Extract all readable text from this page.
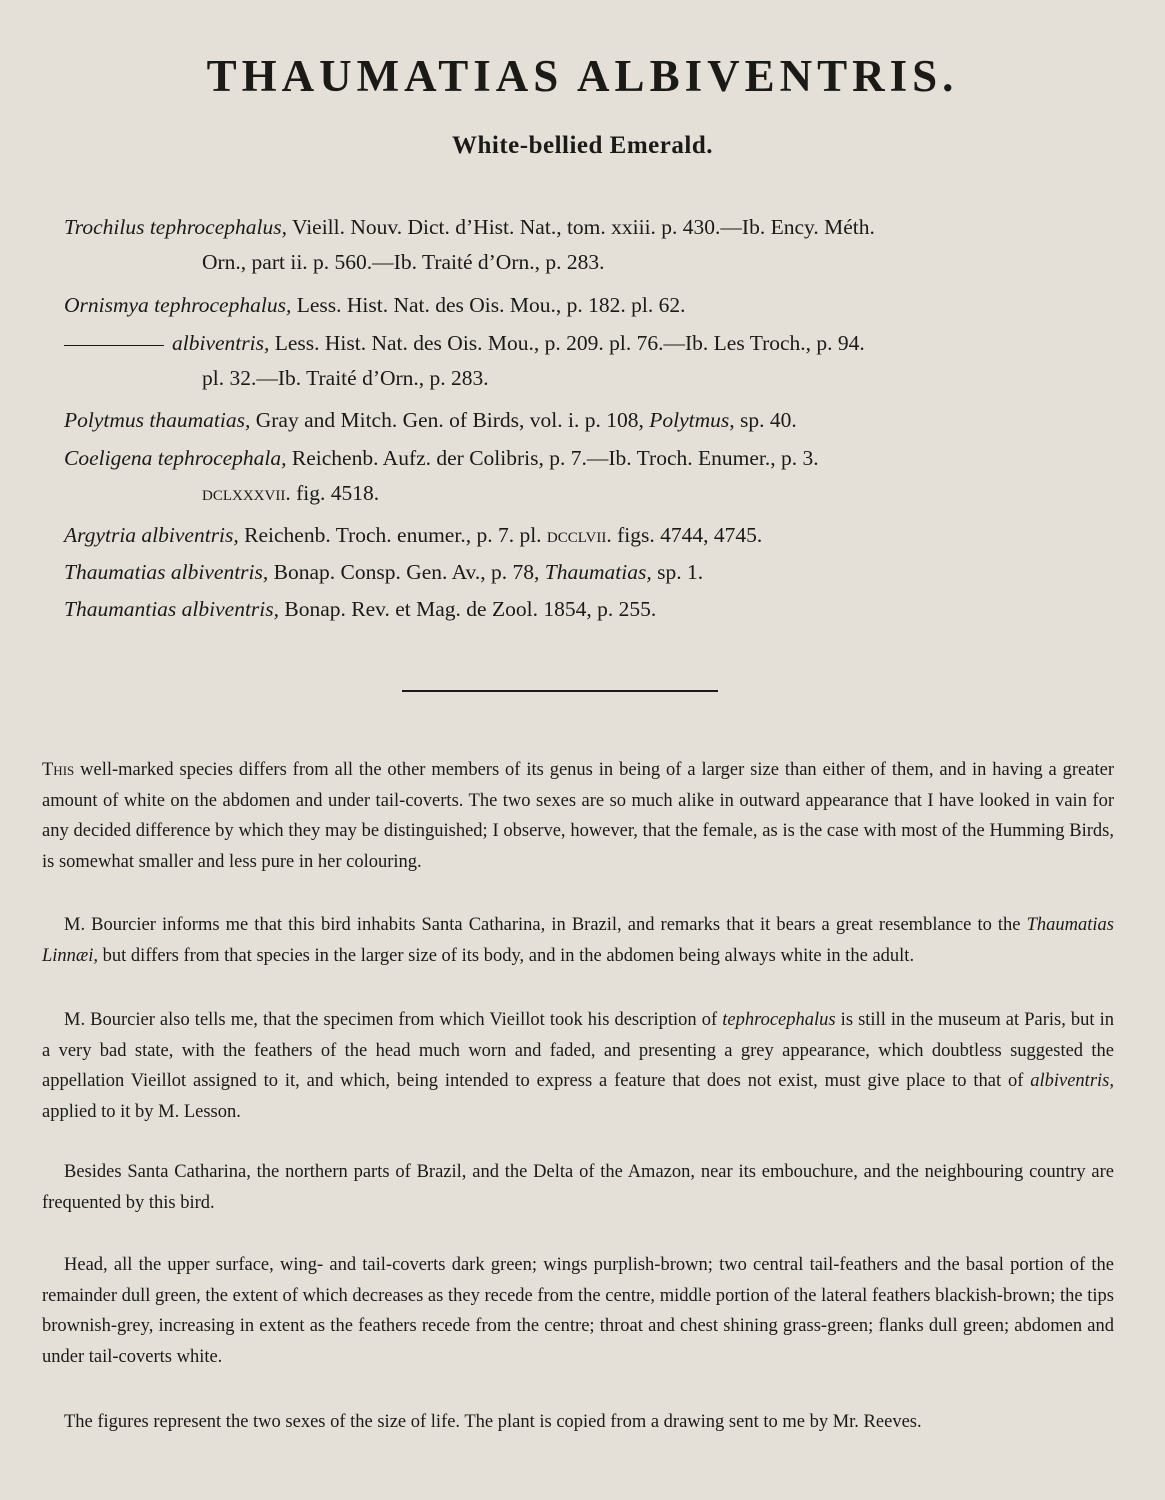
THAUMATIAS ALBIVENTRIS.
White-bellied Emerald.
Trochilus tephrocephalus, Vieill. Nouv. Dict. d’Hist. Nat., tom. xxiii. p. 430.—Ib. Ency. Méth.
Orn., part ii. p. 560.—Ib. Traité d’Orn., p. 283.
Ornismya tephrocephalus, Less. Hist. Nat. des Ois. Mou., p. 182. pl. 62.
albiventris, Less. Hist. Nat. des Ois. Mou., p. 209. pl. 76.—Ib. Les Troch., p. 94.
pl. 32.—Ib. Traité d’Orn., p. 283.
Polytmus thaumatias, Gray and Mitch. Gen. of Birds, vol. i. p. 108, Polytmus, sp. 40.
Coeligena tephrocephala, Reichenb. Aufz. der Colibris, p. 7.—Ib. Troch. Enumer., p. 3.
dclxxxvii. fig. 4518.
Argytria albiventris, Reichenb. Troch. enumer., p. 7. pl. dcclvii. figs. 4744, 4745.
Thaumatias albiventris, Bonap. Consp. Gen. Av., p. 78, Thaumatias, sp. 1.
Thaumantias albiventris, Bonap. Rev. et Mag. de Zool. 1854, p. 255.

This well-marked species differs from all the other members of its genus in being of a larger size than either of them, and in having a greater amount of white on the abdomen and under tail-coverts. The two sexes are so much alike in outward appearance that I have looked in vain for any decided difference by which they may be distinguished; I observe, however, that the female, as is the case with most of the Humming Birds, is somewhat smaller and less pure in her colouring.

M. Bourcier informs me that this bird inhabits Santa Catharina, in Brazil, and remarks that it bears a great resemblance to the Thaumatias Linnæi, but differs from that species in the larger size of its body, and in the abdomen being always white in the adult.

M. Bourcier also tells me, that the specimen from which Vieillot took his description of tephrocephalus is still in the museum at Paris, but in a very bad state, with the feathers of the head much worn and faded, and presenting a grey appearance, which doubtless suggested the appellation Vieillot assigned to it, and which, being intended to express a feature that does not exist, must give place to that of albiventris, applied to it by M. Lesson.

Besides Santa Catharina, the northern parts of Brazil, and the Delta of the Amazon, near its embouchure, and the neighbouring country are frequented by this bird.

Head, all the upper surface, wing- and tail-coverts dark green; wings purplish-brown; two central tail-feathers and the basal portion of the remainder dull green, the extent of which decreases as they recede from the centre, middle portion of the lateral feathers blackish-brown; the tips brownish-grey, increasing in extent as the feathers recede from the centre; throat and chest shining grass-green; flanks dull green; abdomen and under tail-coverts white.

The figures represent the two sexes of the size of life. The plant is copied from a drawing sent to me by Mr. Reeves.
